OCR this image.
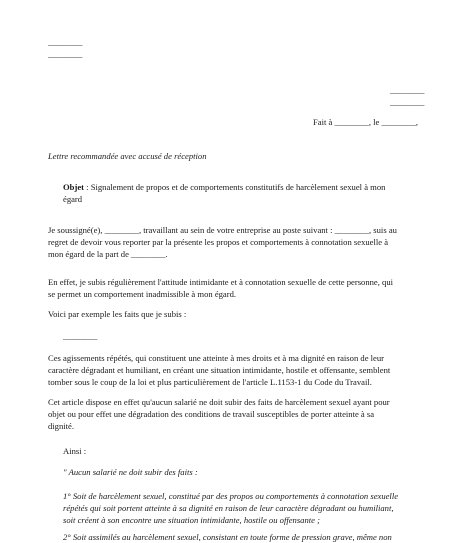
________
________
________
________
Fait à ________, le ________,
Lettre recommandée avec accusé de réception
Objet : Signalement de propos et de comportements constitutifs de harcèlement sexuel à mon
égard
Je soussigné(e), ________, travaillant au sein de votre entreprise au poste suivant : ________, suis au
regret de devoir vous reporter par la présente les propos et comportements à connotation sexuelle à
mon égard de la part de ________.
En effet, je subis régulièrement l'attitude intimidante et à connotation sexuelle de cette personne, qui
se permet un comportement inadmissible à mon égard.
Voici par exemple les faits que je subis :
________
Ces agissements répétés, qui constituent une atteinte à mes droits et à ma dignité en raison de leur
caractère dégradant et humiliant, en créant une situation intimidante, hostile et offensante, semblent
tomber sous le coup de la loi et plus particulièrement de l'article L.1153-1 du Code du Travail.
Cet article dispose en effet qu'aucun salarié ne doit subir des faits de harcèlement sexuel ayant pour
objet ou pour effet une dégradation des conditions de travail susceptibles de porter atteinte à sa
dignité.
Ainsi :
" Aucun salarié ne doit subir des faits :
1° Soit de harcèlement sexuel, constitué par des propos ou comportements à connotation sexuelle
répétés qui soit portent atteinte à sa dignité en raison de leur caractère dégradant ou humiliant,
soit créent à son encontre une situation intimidante, hostile ou offensante ;
2° Soit assimilés au harcèlement sexuel, consistant en toute forme de pression grave, même non
